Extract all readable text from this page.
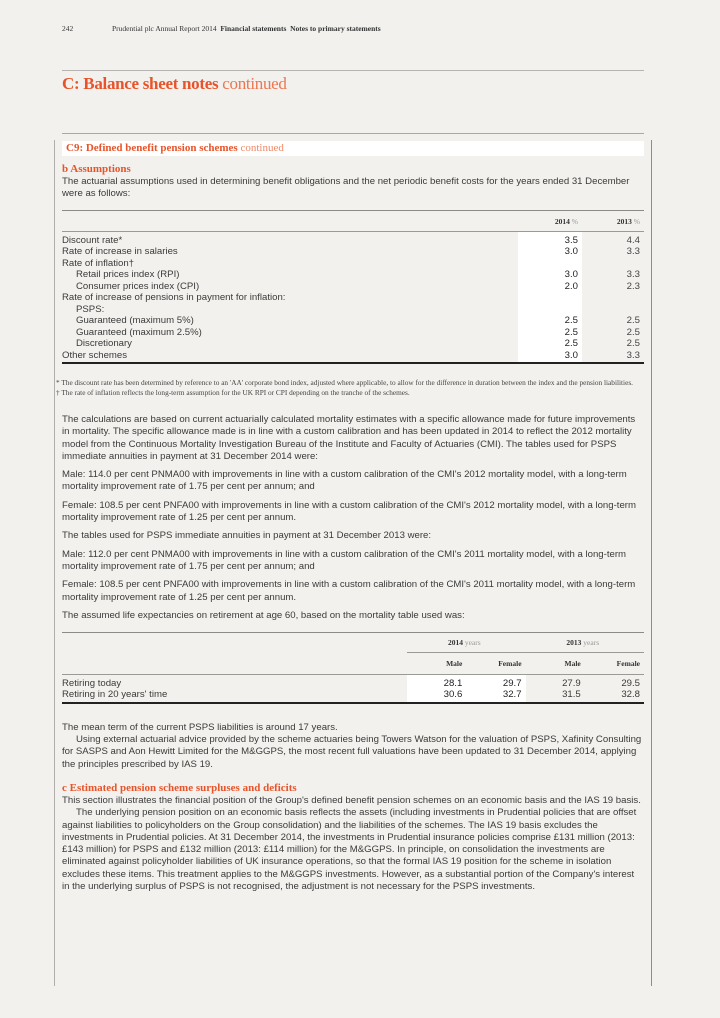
242	Prudential plc Annual Report 2014 Financial statements Notes to primary statements
C: Balance sheet notes continued
C9: Defined benefit pension schemes continued
b Assumptions

The actuarial assumptions used in determining benefit obligations and the net periodic benefit costs for the years ended 31 December were as follows:

	2014 %	2013 %
Discount rate*	3.5	4.4
Rate of increase in salaries	3.0	3.3
Rate of inflation†		
Retail prices index (RPI)	3.0	3.3
Consumer prices index (CPI)	2.0	2.3
Rate of increase of pensions in payment for inflation:		
PSPS:		
Guaranteed (maximum 5%)	2.5	2.5
Guaranteed (maximum 2.5%)	2.5	2.5
Discretionary	2.5	2.5
Other schemes	3.0	3.3
* The discount rate has been determined by reference to an 'AA' corporate bond index, adjusted where applicable, to allow for the difference in duration between the index and the pension liabilities.
† The rate of inflation reflects the long-term assumption for the UK RPI or CPI depending on the tranche of the schemes.

The calculations are based on current actuarially calculated mortality estimates with a specific allowance made for future improvements in mortality. The specific allowance made is in line with a custom calibration and has been updated in 2014 to reflect the 2012 mortality model from the Continuous Mortality Investigation Bureau of the Institute and Faculty of Actuaries (CMI). The tables used for PSPS immediate annuities in payment at 31 December 2014 were:

Male: 114.0 per cent PNMA00 with improvements in line with a custom calibration of the CMI's 2012 mortality model, with a long-term mortality improvement rate of 1.75 per cent per annum; and

Female: 108.5 per cent PNFA00 with improvements in line with a custom calibration of the CMI's 2012 mortality model, with a long-term mortality improvement rate of 1.25 per cent per annum.

The tables used for PSPS immediate annuities in payment at 31 December 2013 were:

Male: 112.0 per cent PNMA00 with improvements in line with a custom calibration of the CMI's 2011 mortality model, with a long-term mortality improvement rate of 1.75 per cent per annum; and

Female: 108.5 per cent PNFA00 with improvements in line with a custom calibration of the CMI's 2011 mortality model, with a long-term mortality improvement rate of 1.25 per cent per annum.

The assumed life expectancies on retirement at age 60, based on the mortality table used was:

	2014 years		2013 years	
	Male	Female	Male	Female
Retiring today	28.1	29.7	27.9	29.5
Retiring in 20 years' time	30.6	32.7	31.5	32.8

The mean term of the current PSPS liabilities is around 17 years.

Using external actuarial advice provided by the scheme actuaries being Towers Watson for the valuation of PSPS, Xafinity Consulting for SASPS and Aon Hewitt Limited for the M&GGPS, the most recent full valuations have been updated to 31 December 2014, applying the principles prescribed by IAS 19.

c Estimated pension scheme surpluses and deficits

This section illustrates the financial position of the Group's defined benefit pension schemes on an economic basis and the IAS 19 basis.

The underlying pension position on an economic basis reflects the assets (including investments in Prudential policies that are offset against liabilities to policyholders on the Group consolidation) and the liabilities of the schemes. The IAS 19 basis excludes the investments in Prudential policies. At 31 December 2014, the investments in Prudential insurance policies comprise £131 million (2013: £143 million) for PSPS and £132 million (2013: £114 million) for the M&GGPS. In principle, on consolidation the investments are eliminated against policyholder liabilities of UK insurance operations, so that the formal IAS 19 position for the scheme in isolation excludes these items. This treatment applies to the M&GGPS investments. However, as a substantial portion of the Company's interest in the underlying surplus of PSPS is not recognised, the adjustment is not necessary for the PSPS investments.
